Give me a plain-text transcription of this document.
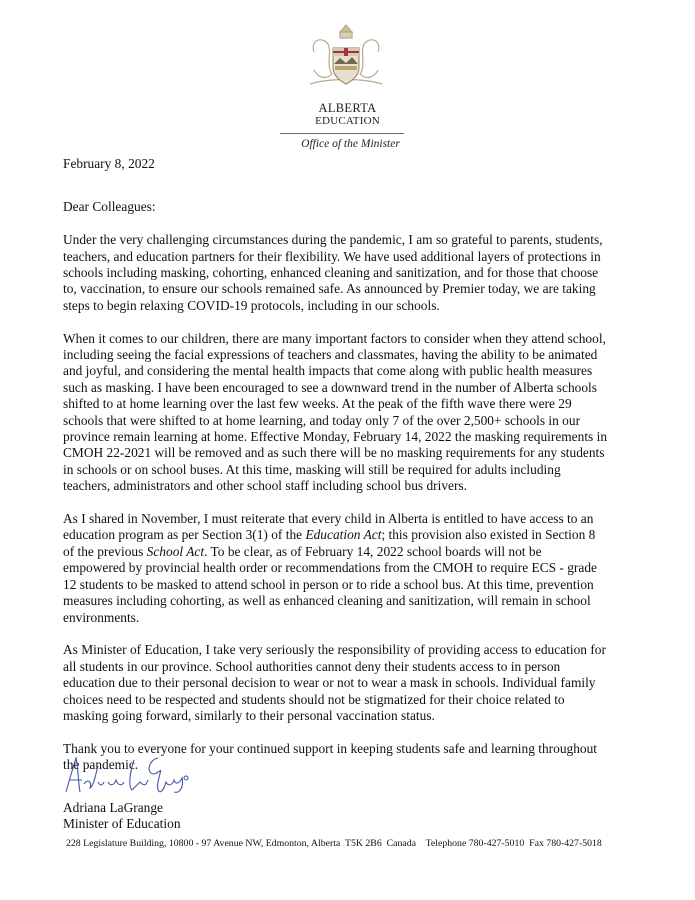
ALBERTA
EDUCATION
Office of the Minister

February 8, 2022

Dear Colleagues:

Under the very challenging circumstances during the pandemic, I am so grateful to parents, students,
teachers, and education partners for their flexibility. We have used additional layers of protections in
schools including masking, cohorting, enhanced cleaning and sanitization, and for those that choose
to, vaccination, to ensure our schools remained safe. As announced by Premier today, we are taking
steps to begin relaxing COVID-19 protocols, including in our schools.

When it comes to our children, there are many important factors to consider when they attend school,
including seeing the facial expressions of teachers and classmates, having the ability to be animated
and joyful, and considering the mental health impacts that come along with public health measures
such as masking. I have been encouraged to see a downward trend in the number of Alberta schools
shifted to at home learning over the last few weeks. At the peak of the fifth wave there were 29
schools that were shifted to at home learning, and today only 7 of the over 2,500+ schools in our
province remain learning at home. Effective Monday, February 14, 2022 the masking requirements in
CMOH 22-2021 will be removed and as such there will be no masking requirements for any students
in schools or on school buses. At this time, masking will still be required for adults including
teachers, administrators and other school staff including school bus drivers.

As I shared in November, I must reiterate that every child in Alberta is entitled to have access to an
education program as per Section 3(1) of the Education Act; this provision also existed in Section 8
of the previous School Act. To be clear, as of February 14, 2022 school boards will not be
empowered by provincial health order or recommendations from the CMOH to require ECS - grade
12 students to be masked to attend school in person or to ride a school bus. At this time, prevention
measures including cohorting, as well as enhanced cleaning and sanitization, will remain in school
environments.

As Minister of Education, I take very seriously the responsibility of providing access to education for
all students in our province. School authorities cannot deny their students access to in person
education due to their personal decision to wear or not to wear a mask in schools. Individual family
choices need to be respected and students should not be stigmatized for their choice related to
masking going forward, similarly to their personal vaccination status.

Thank you to everyone for your continued support in keeping students safe and learning throughout
the pandemic.

Adriana LaGrange
Minister of Education
228 Legislature Building, 10800 - 97 Avenue NW, Edmonton, Alberta  T5K 2B6  Canada    Telephone 780-427-5010  Fax 780-427-5018
